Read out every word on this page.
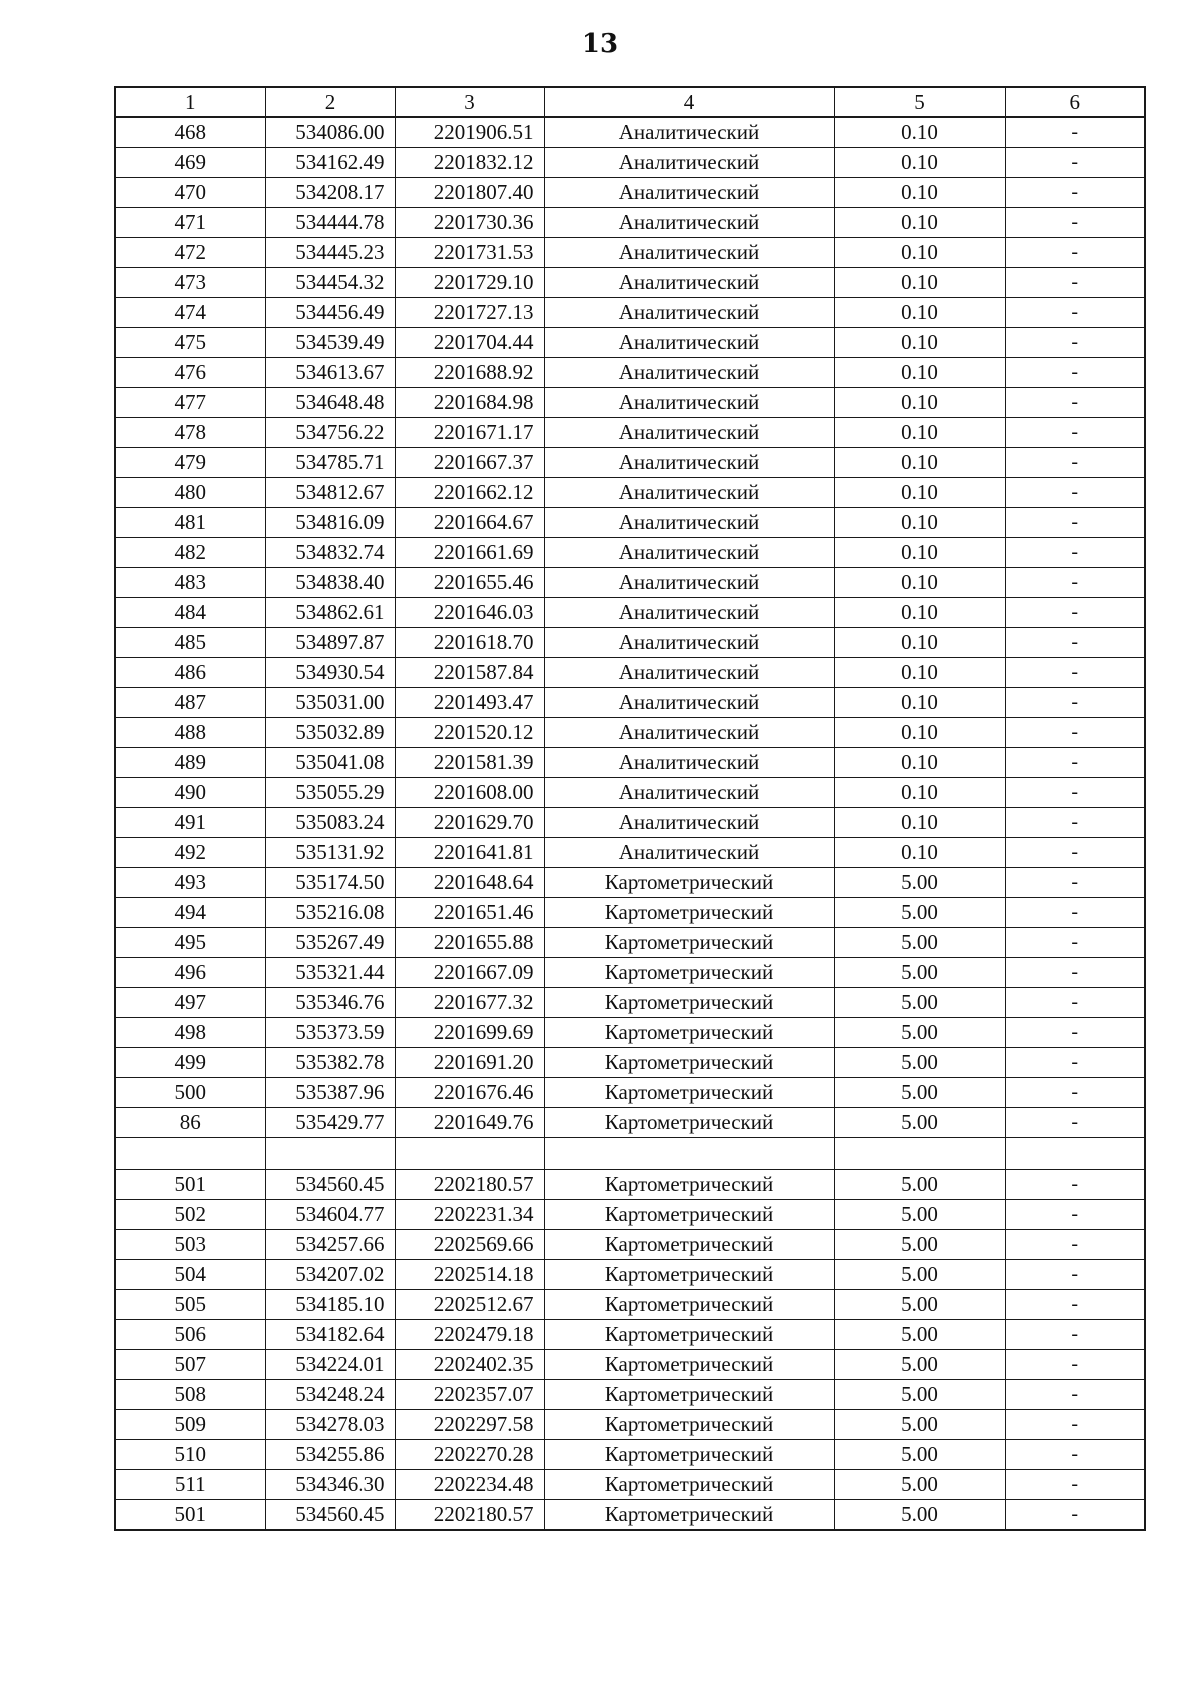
13
1	2	3	4	5	6
468	534086.00	2201906.51	Аналитический	0.10	-
469	534162.49	2201832.12	Аналитический	0.10	-
470	534208.17	2201807.40	Аналитический	0.10	-
471	534444.78	2201730.36	Аналитический	0.10	-
472	534445.23	2201731.53	Аналитический	0.10	-
473	534454.32	2201729.10	Аналитический	0.10	-
474	534456.49	2201727.13	Аналитический	0.10	-
475	534539.49	2201704.44	Аналитический	0.10	-
476	534613.67	2201688.92	Аналитический	0.10	-
477	534648.48	2201684.98	Аналитический	0.10	-
478	534756.22	2201671.17	Аналитический	0.10	-
479	534785.71	2201667.37	Аналитический	0.10	-
480	534812.67	2201662.12	Аналитический	0.10	-
481	534816.09	2201664.67	Аналитический	0.10	-
482	534832.74	2201661.69	Аналитический	0.10	-
483	534838.40	2201655.46	Аналитический	0.10	-
484	534862.61	2201646.03	Аналитический	0.10	-
485	534897.87	2201618.70	Аналитический	0.10	-
486	534930.54	2201587.84	Аналитический	0.10	-
487	535031.00	2201493.47	Аналитический	0.10	-
488	535032.89	2201520.12	Аналитический	0.10	-
489	535041.08	2201581.39	Аналитический	0.10	-
490	535055.29	2201608.00	Аналитический	0.10	-
491	535083.24	2201629.70	Аналитический	0.10	-
492	535131.92	2201641.81	Аналитический	0.10	-
493	535174.50	2201648.64	Картометрический	5.00	-
494	535216.08	2201651.46	Картометрический	5.00	-
495	535267.49	2201655.88	Картометрический	5.00	-
496	535321.44	2201667.09	Картометрический	5.00	-
497	535346.76	2201677.32	Картометрический	5.00	-
498	535373.59	2201699.69	Картометрический	5.00	-
499	535382.78	2201691.20	Картометрический	5.00	-
500	535387.96	2201676.46	Картометрический	5.00	-
86	535429.77	2201649.76	Картометрический	5.00	-

501	534560.45	2202180.57	Картометрический	5.00	-
502	534604.77	2202231.34	Картометрический	5.00	-
503	534257.66	2202569.66	Картометрический	5.00	-
504	534207.02	2202514.18	Картометрический	5.00	-
505	534185.10	2202512.67	Картометрический	5.00	-
506	534182.64	2202479.18	Картометрический	5.00	-
507	534224.01	2202402.35	Картометрический	5.00	-
508	534248.24	2202357.07	Картометрический	5.00	-
509	534278.03	2202297.58	Картометрический	5.00	-
510	534255.86	2202270.28	Картометрический	5.00	-
511	534346.30	2202234.48	Картометрический	5.00	-
501	534560.45	2202180.57	Картометрический	5.00	-
